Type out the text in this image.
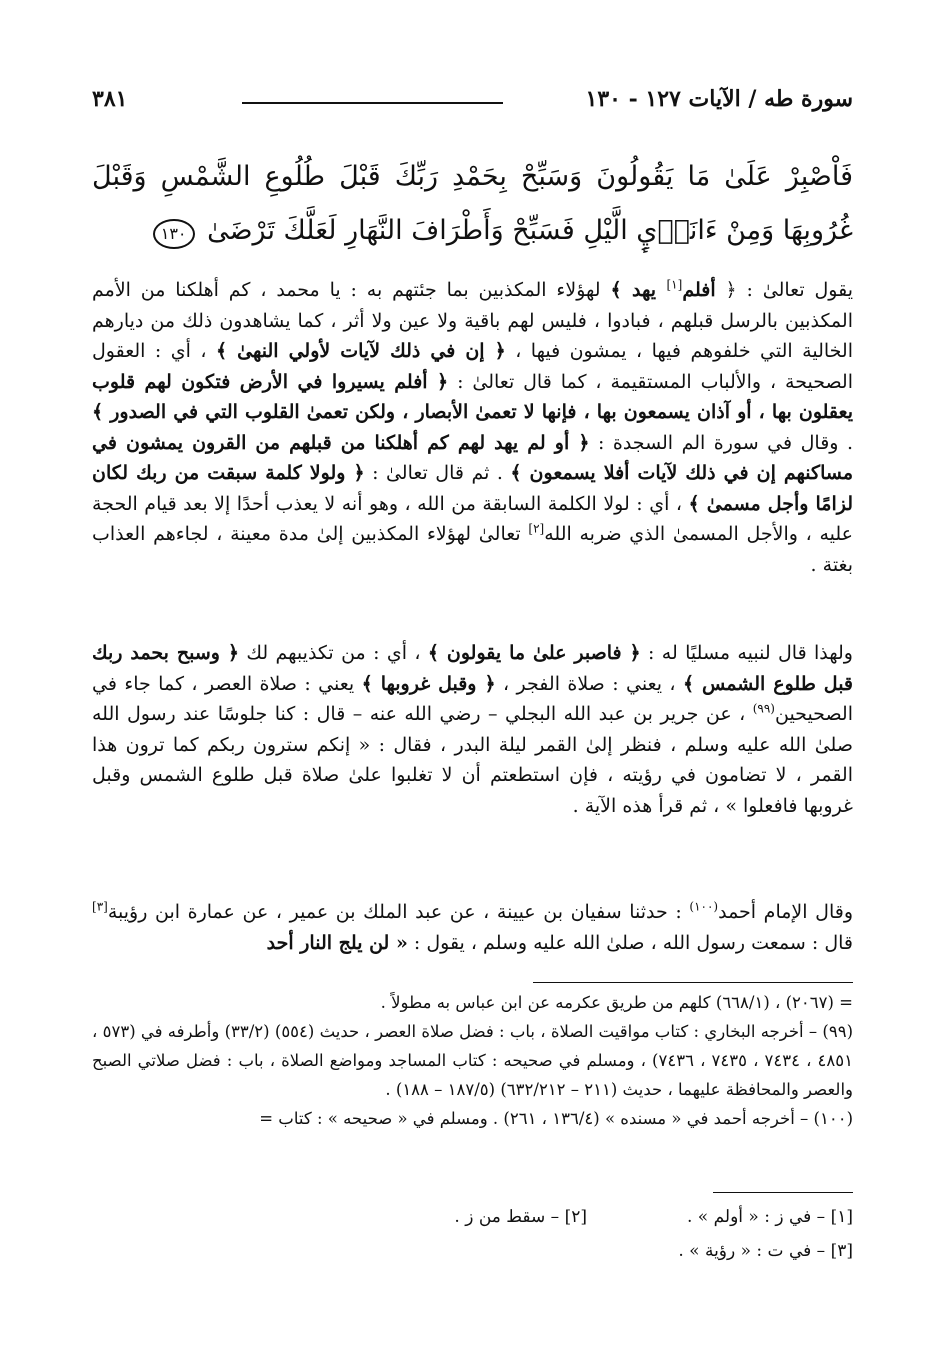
سورة طه / الآيات ١٢٧ - ١٣٠
٣٨١
فَاْصْبِرْ عَلَىٰ مَا يَقُولُونَ وَسَبِّحْ بِحَمْدِ رَبِّكَ قَبْلَ طُلُوعِ الشَّمْسِ وَقَبْلَ غُرُوبِهَا وَمِنْ ءَانَاۤيِٕ الَّيْلِ فَسَبِّحْ وَأَطْرَافَ النَّهَارِ لَعَلَّكَ تَرْضَىٰ ١٣٠
يقول تعالىٰ : ﴿ أفلم[١] يهد ﴾ لهؤلاء المكذبين بما جئتهم به : يا محمد ، كم أهلكنا من الأمم المكذبين بالرسل قبلهم ، فبادوا ، فليس لهم باقية ولا عين ولا أثر ، كما يشاهدون ذلك من ديارهم الخالية التي خلفوهم فيها ، يمشون فيها ، ﴿ إن في ذلك لآيات لأولي النهىٰ ﴾ ، أي : العقول الصحيحة ، والألباب المستقيمة ، كما قال تعالىٰ : ﴿ أفلم يسيروا في الأرض فتكون لهم قلوب يعقلون بها ، أو آذان يسمعون بها ، فإنها لا تعمىٰ الأبصار ، ولكن تعمىٰ القلوب التي في الصدور ﴾ . وقال في سورة الم السجدة : ﴿ أو لم يهد لهم كم أهلكنا من قبلهم من القرون يمشون في مساكنهم إن في ذلك لآيات أفلا يسمعون ﴾ . ثم قال تعالىٰ : ﴿ ولولا كلمة سبقت من ربك لكان لزامًا وأجل مسمىٰ ﴾ ، أي : لولا الكلمة السابقة من الله ، وهو أنه لا يعذب أحدًا إلا بعد قيام الحجة عليه ، والأجل المسمىٰ الذي ضربه الله[٢] تعالىٰ لهؤلاء المكذبين إلىٰ مدة معينة ، لجاءهم العذاب بغتة .
ولهذا قال لنبيه مسليًا له : ﴿ فاصبر علىٰ ما يقولون ﴾ ، أي : من تكذيبهم لك ﴿ وسبح بحمد ربك قبل طلوع الشمس ﴾ ، يعني : صلاة الفجر ، ﴿ وقبل غروبها ﴾ يعني : صلاة العصر ، كما جاء في الصحيحين$^{(٩٩)}$ ، عن جرير بن عبد الله البجلي – رضي الله عنه – قال : كنا جلوسًا عند رسول الله صلىٰ الله عليه وسلم ، فنظر إلىٰ القمر ليلة البدر ، فقال : « إنكم سترون ربكم كما ترون هذا القمر ، لا تضامون في رؤيته ، فإن استطعتم أن لا تغلبوا علىٰ صلاة قبل طلوع الشمس وقبل غروبها فافعلوا » ، ثم قرأ هذه الآية .
وقال الإمام أحمد$^{(١٠٠)}$ : حدثنا سفيان بن عيينة ، عن عبد الملك بن عمير ، عن عمارة ابن رؤيبة[٣] قال : سمعت رسول الله ، صلىٰ الله عليه وسلم ، يقول : « لن يلج النار أحد

= (٢٠٦٧) ، (٦٦٨/١) كلهم من طريق عكرمه عن ابن عباس به مطولاً .

(٩٩) – أخرجه البخاري : كتاب مواقيت الصلاة ، باب : فضل صلاة العصر ، حديث (٥٥٤) (٣٣/٢) وأطرفه في (٥٧٣ ، ٤٨٥١ ، ٧٤٣٤ ، ٧٤٣٥ ، ٧٤٣٦) ، ومسلم في صحيحه : كتاب المساجد ومواضع الصلاة ، باب : فضل صلاتي الصبح والعصر والمحافظة عليهما ، حديث (٢١١ – ٦٣٢/٢١٢) (١٨٧/٥ – ١٨٨) .

(١٠٠) – أخرجه أحمد في « مسنده » (١٣٦/٤ ، ٢٦١) . ومسلم في « صحيحه » : كتاب =

[١] – في ز : « أولم » .
[٢] – سقط من ز .
[٣] – في ت : « رؤية » .
